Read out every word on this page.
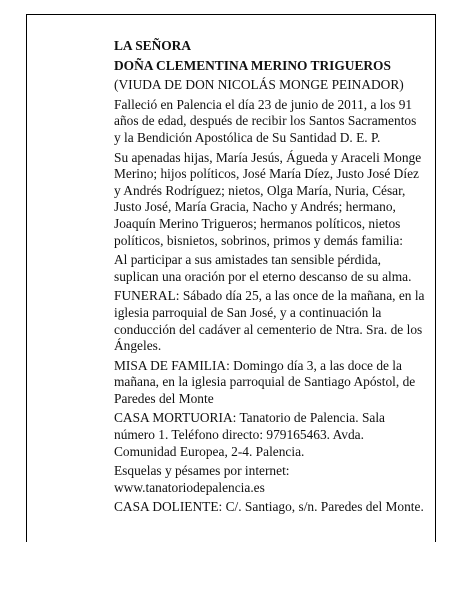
LA SEÑORA

DOÑA CLEMENTINA MERINO TRIGUEROS

(VIUDA DE DON NICOLÁS MONGE PEINADOR)

Falleció en Palencia el día 23 de junio de 2011, a los 91 años de edad, después de recibir los Santos Sacramentos y la Bendición Apostólica de Su Santidad D. E. P.

Su apenadas hijas, María Jesús, Águeda y Araceli Monge Merino; hijos políticos, José María Díez, Justo José Díez y Andrés Rodríguez; nietos, Olga María, Nuria, César, Justo José, María Gracia, Nacho y Andrés; hermano, Joaquín Merino Trigueros; hermanos políticos, nietos políticos, bisnietos, sobrinos, primos y demás familia:

Al participar a sus amistades tan sensible pérdida, suplican una oración por el eterno descanso de su alma.

FUNERAL: Sábado día 25, a las once de la mañana, en la iglesia parroquial de San José, y a continuación la conducción del cadáver al cementerio de Ntra. Sra. de los Ángeles.

MISA DE FAMILIA: Domingo día 3, a las doce de la mañana, en la iglesia parroquial de Santiago Apóstol, de Paredes del Monte

CASA MORTUORIA: Tanatorio de Palencia. Sala número 1. Teléfono directo: 979165463. Avda. Comunidad Europea, 2-4. Palencia.

Esquelas y pésames por internet: www.tanatoriodepalencia.es

CASA DOLIENTE: C/. Santiago, s/n. Paredes del Monte.
